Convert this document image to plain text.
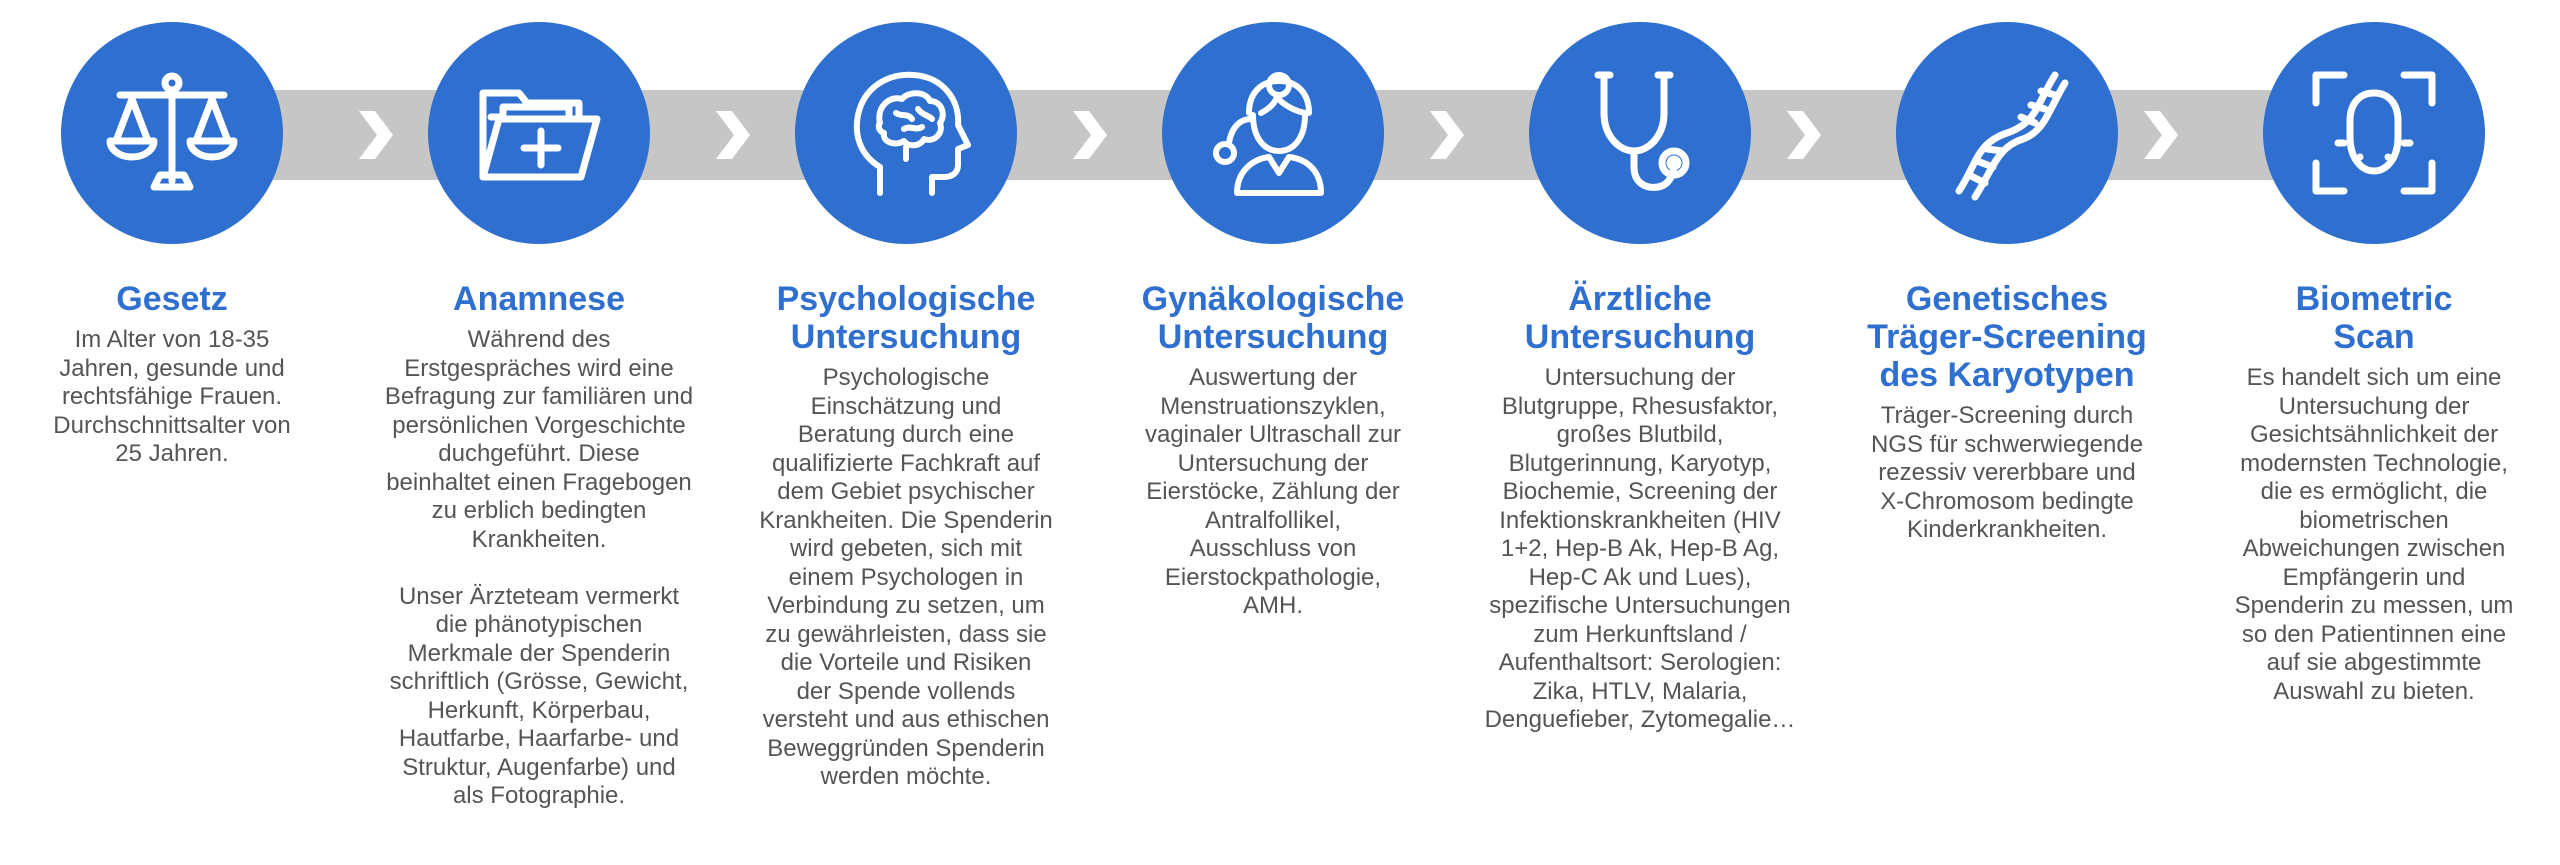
Gesetz
Im Alter von 18-35
Jahren, gesunde und
rechtsfähige Frauen.
Durchschnittsalter von
25 Jahren.
Anamnese
Während des
Erstgespräches wird eine
Befragung zur familiären und
persönlichen Vorgeschichte
duchgeführt. Diese
beinhaltet einen Fragebogen
zu erblich bedingten
Krankheiten.

Unser Ärzteteam vermerkt
die phänotypischen
Merkmale der Spenderin
schriftlich (Grösse, Gewicht,
Herkunft, Körperbau,
Hautfarbe, Haarfarbe- und
Struktur, Augenfarbe) und
als Fotographie.
Psychologische
Untersuchung
Psychologische
Einschätzung und
Beratung durch eine
qualifizierte Fachkraft auf
dem Gebiet psychischer
Krankheiten. Die Spenderin
wird gebeten, sich mit
einem Psychologen in
Verbindung zu setzen, um
zu gewährleisten, dass sie
die Vorteile und Risiken
der Spende vollends
versteht und aus ethischen
Beweggründen Spenderin
werden möchte.
Gynäkologische
Untersuchung
Auswertung der
Menstruationszyklen,
vaginaler Ultraschall zur
Untersuchung der
Eierstöcke, Zählung der
Antralfollikel,
Ausschluss von
Eierstockpathologie,
AMH.
Ärztliche
Untersuchung
Untersuchung der
Blutgruppe, Rhesusfaktor,
großes Blutbild,
Blutgerinnung, Karyotyp,
Biochemie, Screening der
Infektionskrankheiten (HIV
1+2, Hep-B Ak, Hep-B Ag,
Hep-C Ak und Lues),
spezifische Untersuchungen
zum Herkunftsland /
Aufenthaltsort: Serologien:
Zika, HTLV, Malaria,
Denguefieber, Zytomegalie…
Genetisches
Träger-Screening
des Karyotypen
Träger-Screening durch
NGS für schwerwiegende
rezessiv vererbbare und
X-Chromosom bedingte
Kinderkrankheiten.
Biometric
Scan
Es handelt sich um eine
Untersuchung der
Gesichtsähnlichkeit der
modernsten Technologie,
die es ermöglicht, die
biometrischen
Abweichungen zwischen
Empfängerin und
Spenderin zu messen, um
so den Patientinnen eine
auf sie abgestimmte
Auswahl zu bieten.
